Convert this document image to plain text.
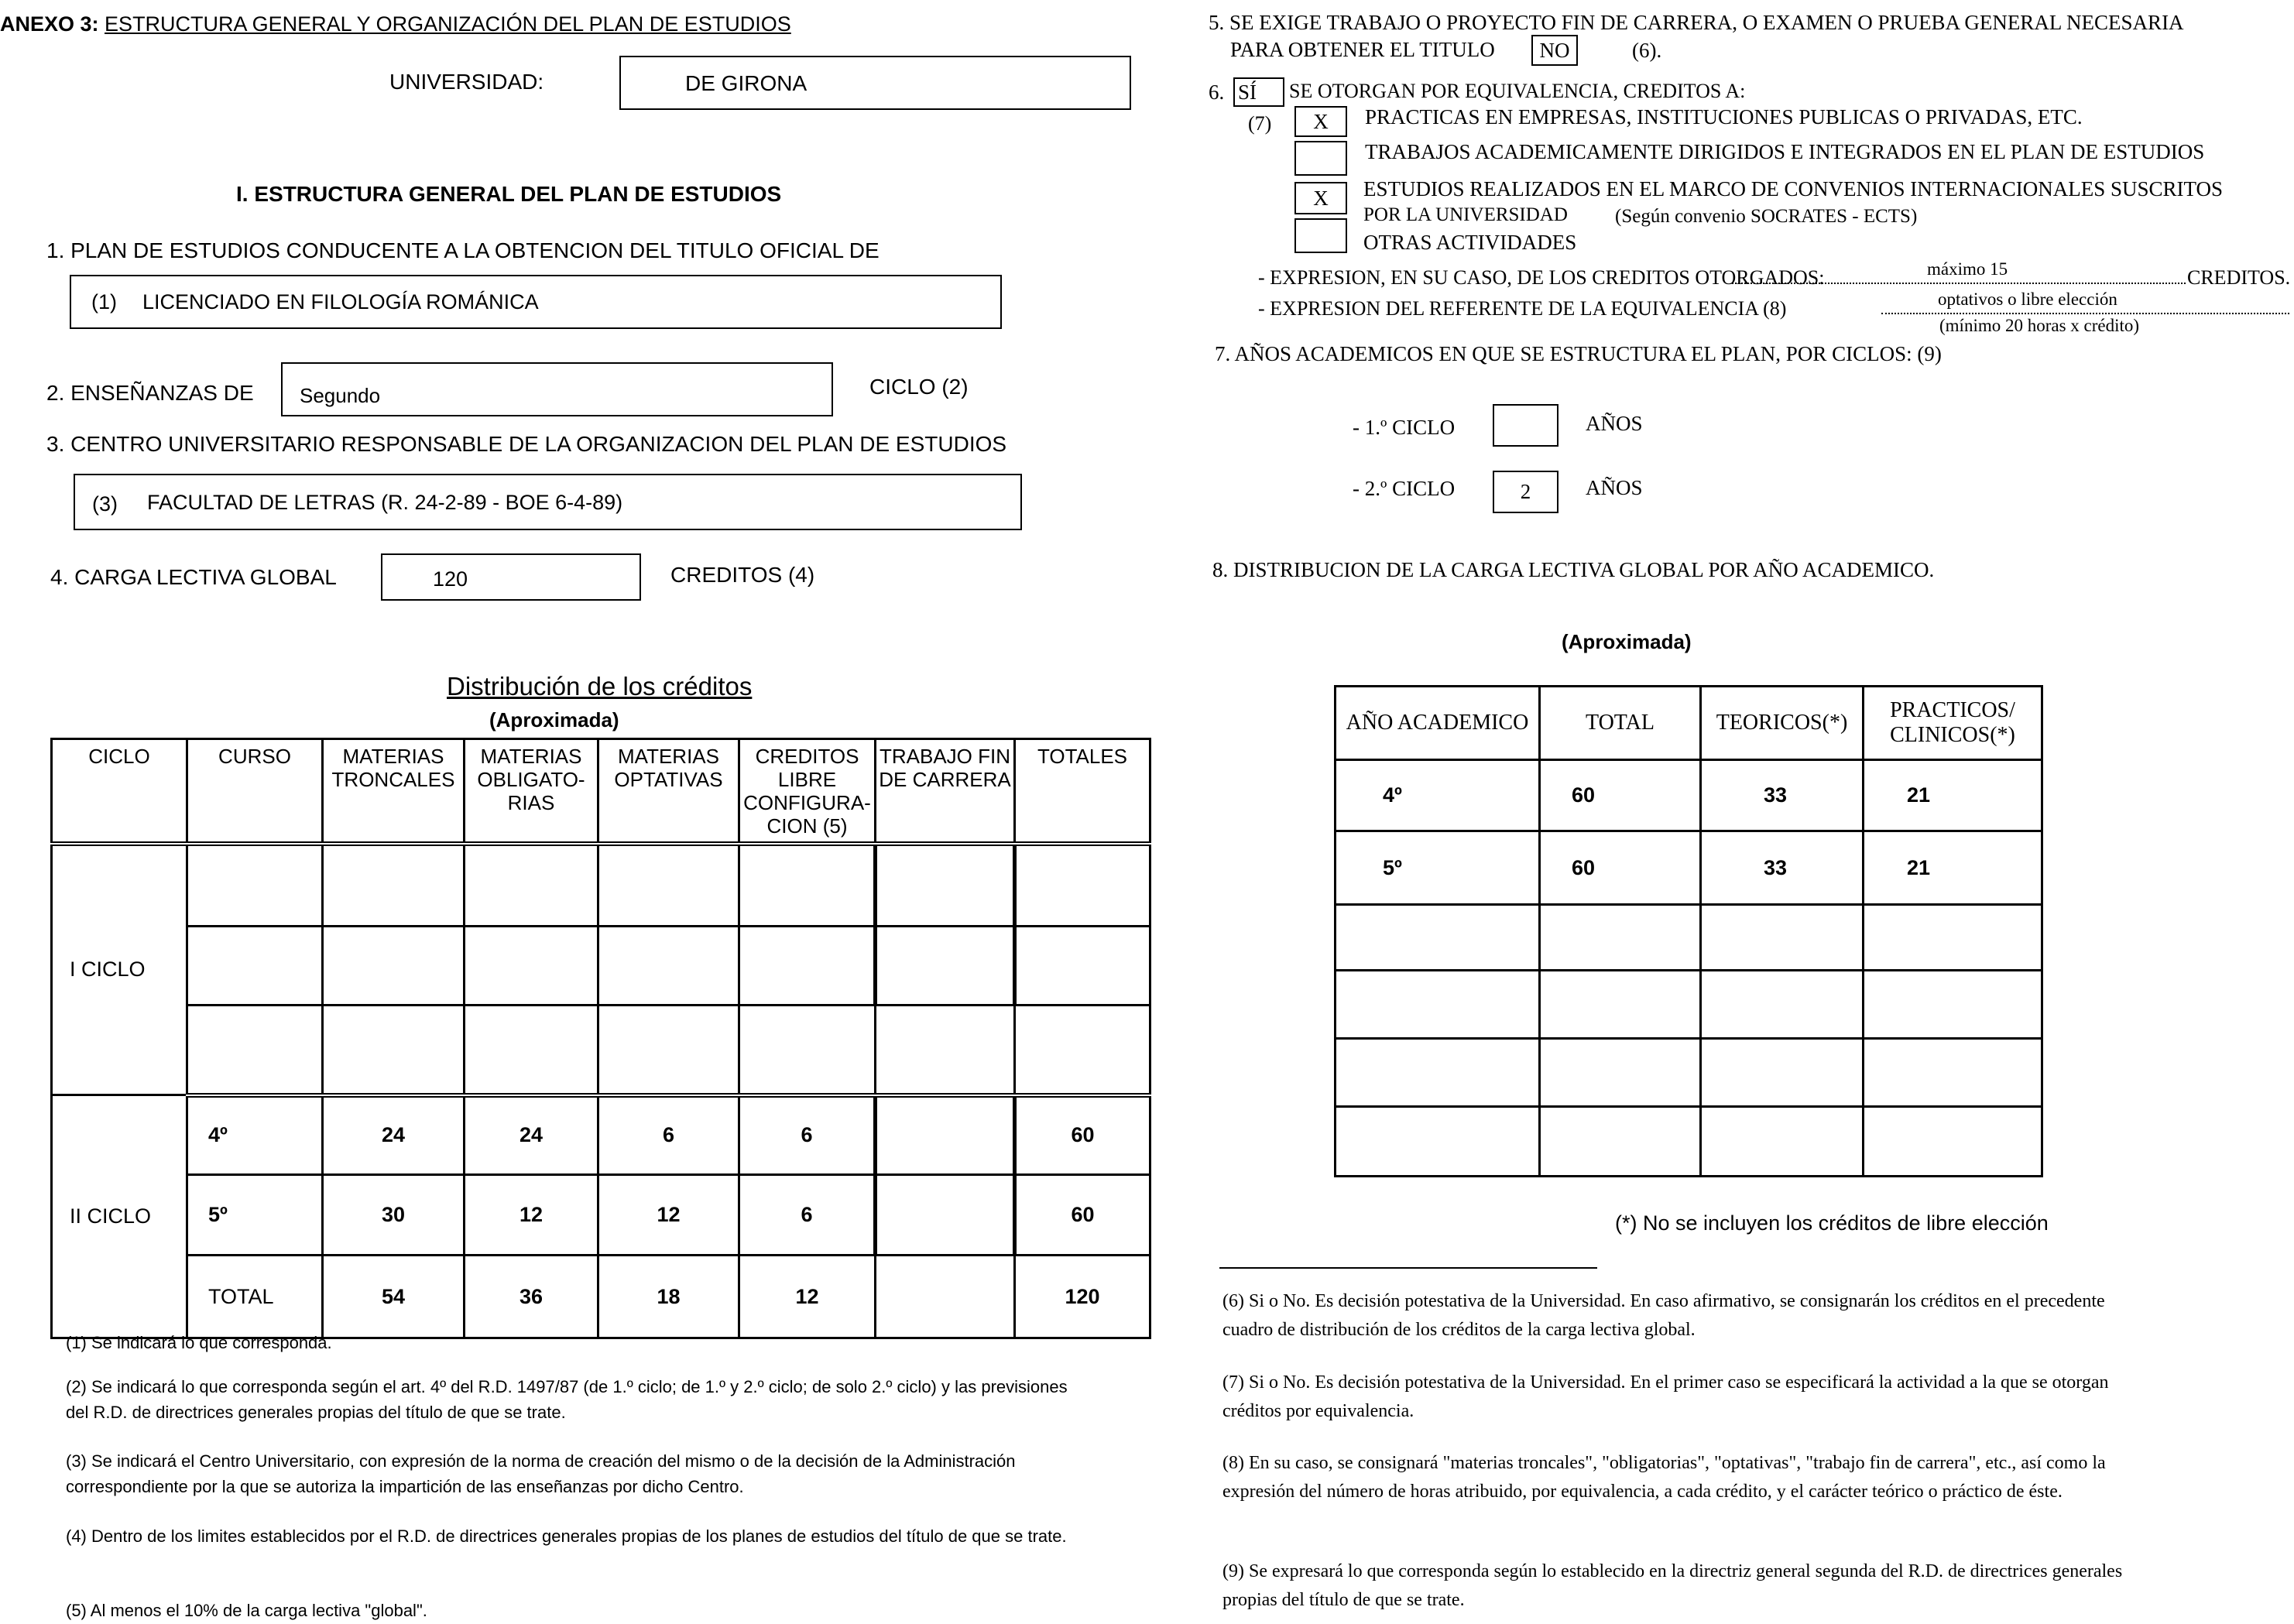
ANEXO 3: ESTRUCTURA GENERAL Y ORGANIZACIÓN DEL PLAN DE ESTUDIOS
UNIVERSIDAD:	DE GIRONA
I. ESTRUCTURA GENERAL DEL PLAN DE ESTUDIOS
1. PLAN DE ESTUDIOS CONDUCENTE A LA OBTENCION DEL TITULO OFICIAL DE
(1) LICENCIADO EN FILOLOGÍA ROMÁNICA
2. ENSEÑANZAS DE Segundo	CICLO (2)
3. CENTRO UNIVERSITARIO RESPONSABLE DE LA ORGANIZACION DEL PLAN DE ESTUDIOS
(3) FACULTAD DE LETRAS (R. 24-2-89 - BOE 6-4-89)
4. CARGA LECTIVA GLOBAL	120	CREDITOS (4)
Distribución de los créditos
(Aproximada)
CICLO	CURSO	MATERIAS TRONCALES	MATERIAS OBLIGATO-RIAS	MATERIAS OPTATIVAS	CREDITOS LIBRE CONFIGURA-CION (5)	TRABAJO FIN DE CARRERA	TOTALES
I CICLO							

II CICLO	4º	24	24	6	6		60
	5º	30	12	12	6		60
	TOTAL	54	36	18	12		120
(1) Se indicará lo que corresponda.
(2) Se indicará lo que corresponda según el art. 4º del R.D. 1497/87 (de 1.º ciclo; de 1.º y 2.º ciclo; de solo 2.º ciclo) y las previsiones del R.D. de directrices generales propias del título de que se trate.
(3) Se indicará el Centro Universitario, con expresión de la norma de creación del mismo o de la decisión de la Administración correspondiente por la que se autoriza la impartición de las enseñanzas por dicho Centro.
(4) Dentro de los limites establecidos por el R.D. de directrices generales propias de los planes de estudios del título de que se trate.
(5) Al menos el 10% de la carga lectiva "global".
5. SE EXIGE TRABAJO O PROYECTO FIN DE CARRERA, O EXAMEN O PRUEBA GENERAL NECESARIA
PARA OBTENER EL TITULO	NO	(6).
6. SÍ	SE OTORGAN POR EQUIVALENCIA, CREDITOS A:
(7)	X	PRACTICAS EN EMPRESAS, INSTITUCIONES PUBLICAS O PRIVADAS, ETC.
TRABAJOS ACADEMICAMENTE DIRIGIDOS E INTEGRADOS EN EL PLAN DE ESTUDIOS
X	ESTUDIOS REALIZADOS EN EL MARCO DE CONVENIOS INTERNACIONALES SUSCRITOS
POR LA UNIVERSIDAD (Según convenio SOCRATES - ECTS)
OTRAS ACTIVIDADES
- EXPRESION, EN SU CASO, DE LOS CREDITOS OTORGADOS:	máximo 15	CREDITOS.
- EXPRESION DEL REFERENTE DE LA EQUIVALENCIA (8)	optativos o libre elección
(mínimo 20 horas x crédito)
7. AÑOS ACADEMICOS EN QUE SE ESTRUCTURA EL PLAN, POR CICLOS: (9)
- 1.º CICLO	AÑOS
- 2.º CICLO	2	AÑOS
8. DISTRIBUCION DE LA CARGA LECTIVA GLOBAL POR AÑO ACADEMICO.
(Aproximada)
AÑO ACADEMICO	TOTAL	TEORICOS(*)	PRACTICOS/ CLINICOS(*)
4º	60	33	21
5º	60	33	21

(*) No se incluyen los créditos de libre elección
(6) Si o No. Es decisión potestativa de la Universidad. En caso afirmativo, se consignarán los créditos en el precedente cuadro de distribución de los créditos de la carga lectiva global.
(7) Si o No. Es decisión potestativa de la Universidad. En el primer caso se especificará la actividad a la que se otorgan créditos por equivalencia.
(8) En su caso, se consignará "materias troncales", "obligatorias", "optativas", "trabajo fin de carrera", etc., así como la expresión del número de horas atribuido, por equivalencia, a cada crédito, y el carácter teórico o práctico de éste.
(9) Se expresará lo que corresponda según lo establecido en la directriz general segunda del R.D. de directrices generales propias del título de que se trate.
